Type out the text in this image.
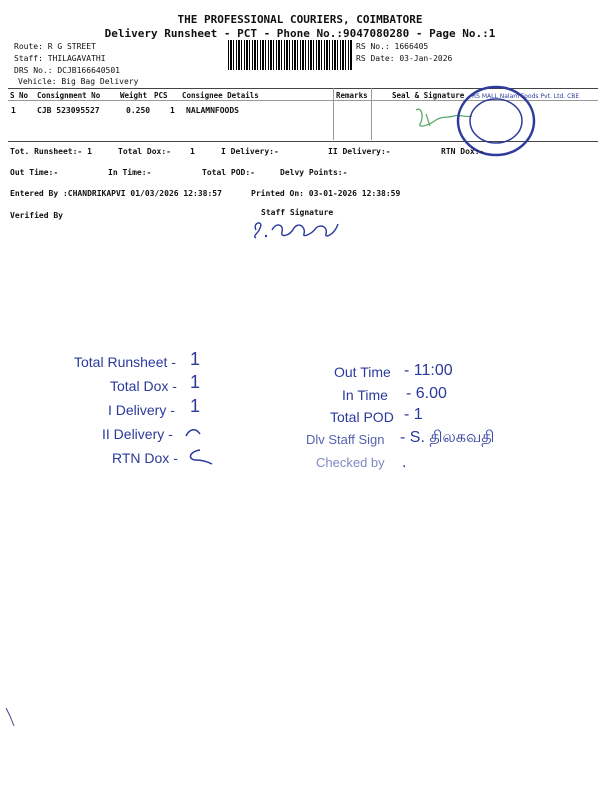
THE PROFESSIONAL COURIERS, COIMBATORE
Delivery Runsheet - PCT - Phone No.:9047080280 - Page No.:1
Route: R G STREET
Staff: THILAGAVATHI
DRS No.: DCJB166640501
Vehicle: Big Bag Delivery
RS No.: 1666405
RS Date: 03-Jan-2026
S No Consignment No	Weight PCS Consignee Details	Remarks	Seal & Signature
1	CJB 523095527	0.250 1 NALAMNFOODS
RS MALL Nalam Foods Pvt. Ltd. CBE
Tot. Runsheet:- 1	Total Dox:- 1	I Delivery:-	II Delivery:-	RTN Dox:-
Out Time:-	In Time:-	Total POD:-	Delvy Points:-
Entered By :CHANDRIKAPVI 01/03/2026 12:38:57	Printed On: 03-01-2026 12:38:59
Verified By	Staff Signature
Total Runsheet - 1
Total Dox - 1
I Delivery - 1
II Delivery -
RTN Dox -
Out Time - 11:00
In Time - 6.00
Total POD - 1
Dlv Staff Sign - S. திலகவதி
Checked by .
